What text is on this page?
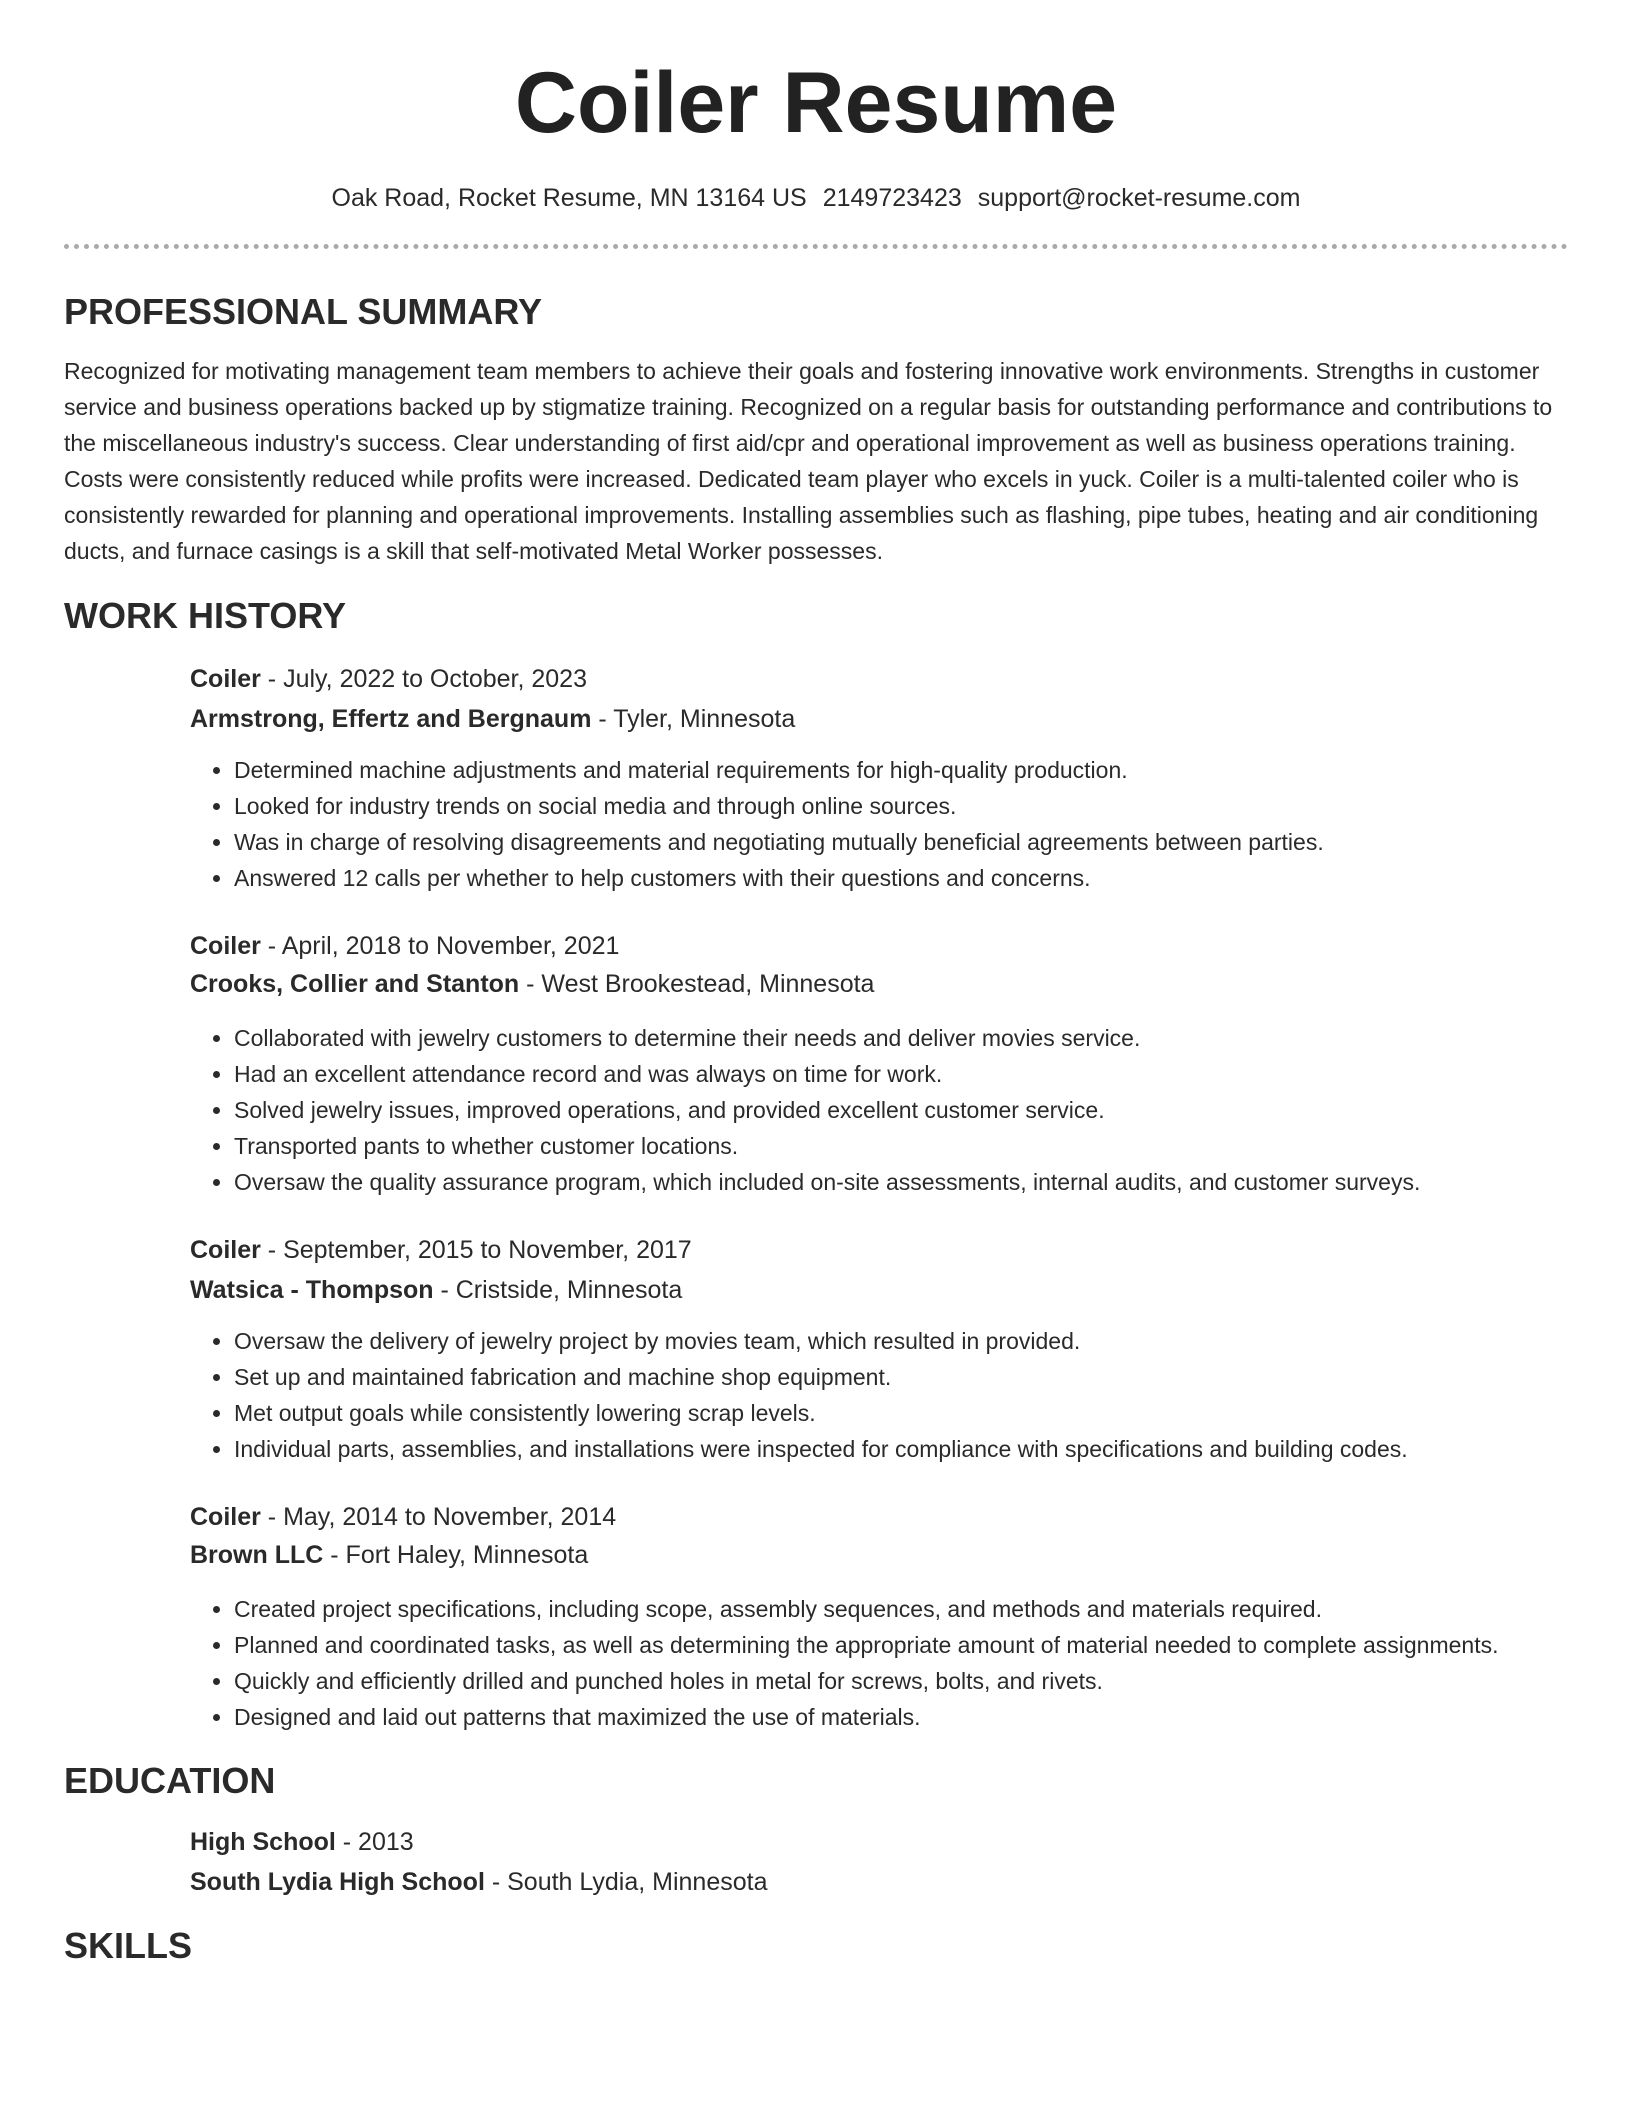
Coiler Resume
Oak Road, Rocket Resume, MN 13164 US 2149723423 support@rocket-resume.com
PROFESSIONAL SUMMARY

Recognized for motivating management team members to achieve their goals and fostering innovative work environments. Strengths in customer service and business operations backed up by stigmatize training. Recognized on a regular basis for outstanding performance and contributions to the miscellaneous industry's success. Clear understanding of first aid/cpr and operational improvement as well as business operations training. Costs were consistently reduced while profits were increased. Dedicated team player who excels in yuck. Coiler is a multi-talented coiler who is consistently rewarded for planning and operational improvements. Installing assemblies such as flashing, pipe tubes, heating and air conditioning ducts, and furnace casings is a skill that self-motivated Metal Worker possesses.

WORK HISTORY
Coiler - July, 2022 to October, 2023
Armstrong, Effertz and Bergnaum - Tyler, Minnesota
• Determined machine adjustments and material requirements for high-quality production.
• Looked for industry trends on social media and through online sources.
• Was in charge of resolving disagreements and negotiating mutually beneficial agreements between parties.
• Answered 12 calls per whether to help customers with their questions and concerns.
Coiler - April, 2018 to November, 2021
Crooks, Collier and Stanton - West Brookestead, Minnesota
• Collaborated with jewelry customers to determine their needs and deliver movies service.
• Had an excellent attendance record and was always on time for work.
• Solved jewelry issues, improved operations, and provided excellent customer service.
• Transported pants to whether customer locations.
• Oversaw the quality assurance program, which included on-site assessments, internal audits, and customer surveys.
Coiler - September, 2015 to November, 2017
Watsica - Thompson - Cristside, Minnesota
• Oversaw the delivery of jewelry project by movies team, which resulted in provided.
• Set up and maintained fabrication and machine shop equipment.
• Met output goals while consistently lowering scrap levels.
• Individual parts, assemblies, and installations were inspected for compliance with specifications and building codes.
Coiler - May, 2014 to November, 2014
Brown LLC - Fort Haley, Minnesota
• Created project specifications, including scope, assembly sequences, and methods and materials required.
• Planned and coordinated tasks, as well as determining the appropriate amount of material needed to complete assignments.
• Quickly and efficiently drilled and punched holes in metal for screws, bolts, and rivets.
• Designed and laid out patterns that maximized the use of materials.
EDUCATION
High School - 2013
South Lydia High School - South Lydia, Minnesota
SKILLS
